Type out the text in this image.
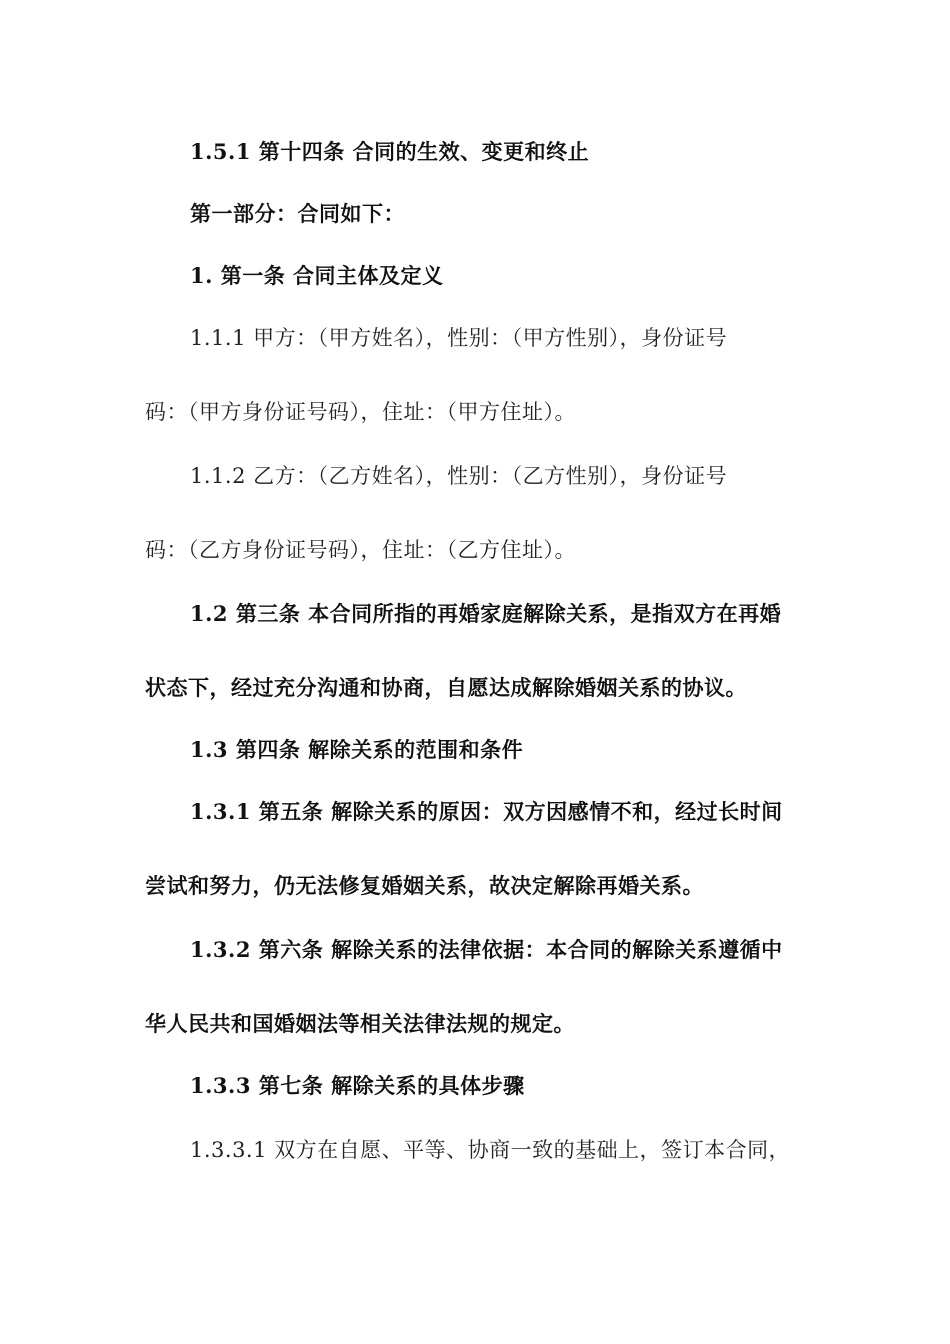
1.5.1 第十四条 合同的生效、变更和终止
第一部分：合同如下：
1. 第一条 合同主体及定义
1.1.1 甲方：（甲方姓名），性别：（甲方性别），身份证号
码：（甲方身份证号码），住址：（甲方住址）。
1.1.2 乙方：（乙方姓名），性别：（乙方性别），身份证号
码：（乙方身份证号码），住址：（乙方住址）。
1.2 第三条 本合同所指的再婚家庭解除关系，是指双方在再婚
状态下，经过充分沟通和协商，自愿达成解除婚姻关系的协议。
1.3 第四条 解除关系的范围和条件
1.3.1 第五条 解除关系的原因：双方因感情不和，经过长时间
尝试和努力，仍无法修复婚姻关系，故决定解除再婚关系。
1.3.2 第六条 解除关系的法律依据：本合同的解除关系遵循中
华人民共和国婚姻法等相关法律法规的规定。
1.3.3 第七条 解除关系的具体步骤
1.3.3.1 双方在自愿、平等、协商一致的基础上，签订本合同，
